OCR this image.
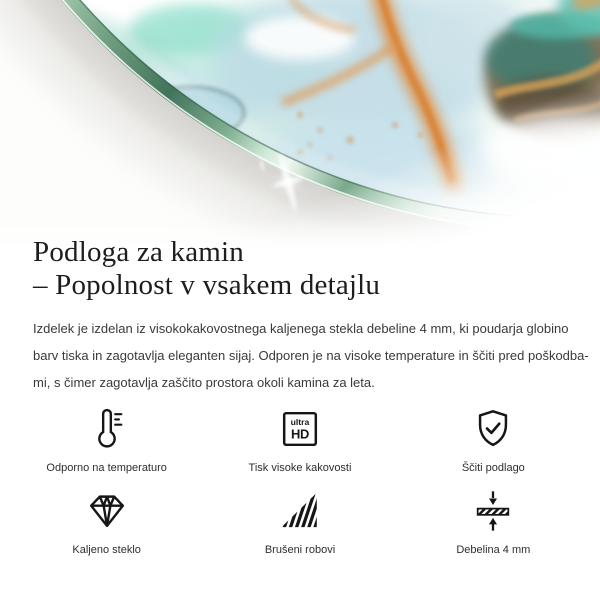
Podloga za kamin
– Popolnost v vsakem detajlu

Izdelek je izdelan iz visokokakovostnega kaljenega stekla debeline 4 mm, ki poudarja globino
barv tiska in zagotavlja eleganten sijaj. Odporen je na visoke temperature in ščiti pred poškodba-
mi, s čimer zagotavlja zaščito prostora okoli kamina za leta.

Odporno na temperaturo
ultra
HD
Tisk visoke kakovosti	Ščiti podlago
Kaljeno steklo	Brušeni robovi	Debelina 4 mm
